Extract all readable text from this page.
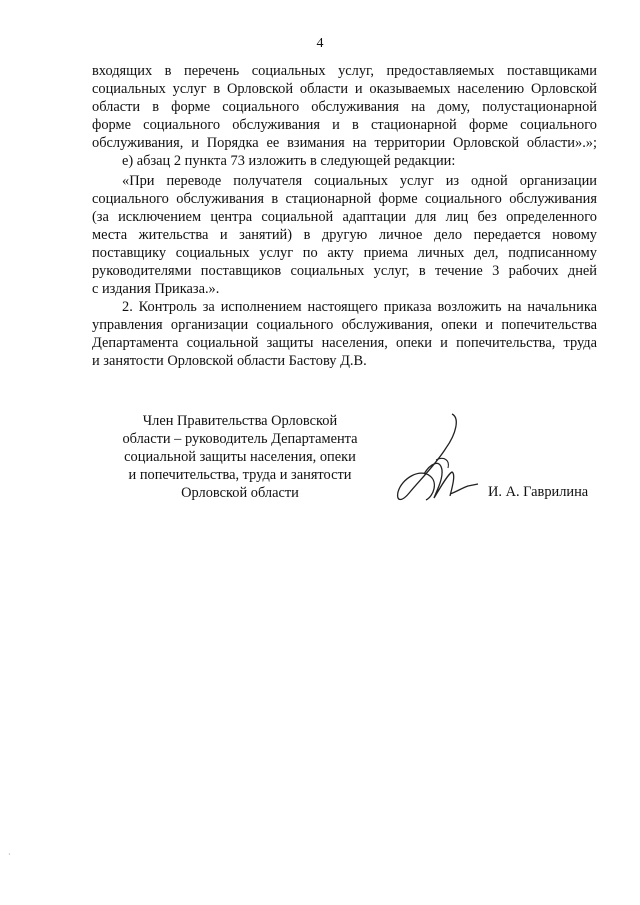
4
входящих в перечень социальных услуг, предоставляемых поставщиками
социальных услуг в Орловской области и оказываемых населению Орловской
области в форме социального обслуживания на дому, полустационарной
форме социального обслуживания и в стационарной форме социального
обслуживания, и Порядка ее взимания на территории Орловской области».»;
е) абзац 2 пункта 73 изложить в следующей редакции:
«При переводе получателя социальных услуг из одной организации
социального обслуживания в стационарной форме социального обслуживания
(за исключением центра социальной адаптации для лиц без определенного
места жительства и занятий) в другую личное дело передается новому
поставщику социальных услуг по акту приема личных дел, подписанному
руководителями поставщиков социальных услуг, в течение 3 рабочих дней
с издания Приказа.».
2. Контроль за исполнением настоящего приказа возложить на начальника
управления организации социального обслуживания, опеки и попечительства
Департамента социальной защиты населения, опеки и попечительства, труда
и занятости Орловской области Бастову Д.В.
Член Правительства Орловской
области – руководитель Департамента
социальной защиты населения, опеки
и попечительства, труда и занятости
Орловской области	И. А. Гаврилина
·
